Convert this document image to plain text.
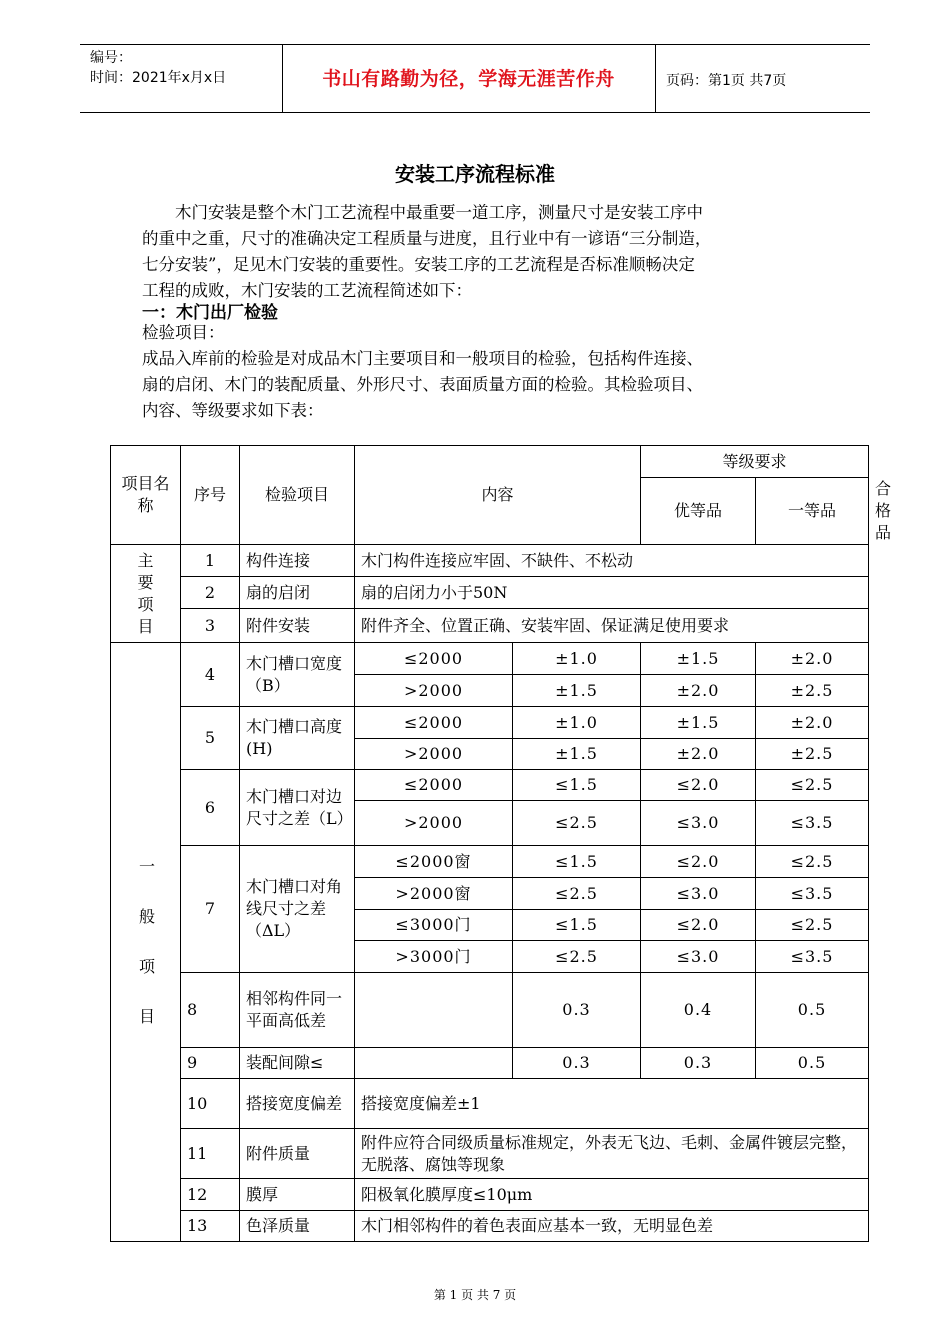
编号：
时间：2021年x月x日	书山有路勤为径，学海无涯苦作舟	页码：第1页 共7页
安装工序流程标准
　　木门安装是整个木门工艺流程中最重要一道工序，测量尺寸是安装工序中
的重中之重，尺寸的准确决定工程质量与进度，且行业中有一谚语“三分制造，
七分安装”，足见木门安装的重要性。安装工序的工艺流程是否标准顺畅决定
工程的成败，木门安装的工艺流程简述如下：
一：木门出厂检验
检验项目：
成品入库前的检验是对成品木门主要项目和一般项目的检验，包括构件连接、
扇的启闭、木门的装配质量、外形尺寸、表面质量方面的检验。其检验项目、
内容、等级要求如下表：
项目名称	序号	检验项目	内容		等级要求		
					优等品	一等品	合格品
主要项目	1	构件连接	木门构件连接应牢固、不缺件、不松动				
	2	扇的启闭	扇的启闭力小于50N				
	3	附件安装	附件齐全、位置正确、安装牢固、保证满足使用要求				
一般项目	4	木门槽口宽度（B）	≤2000	±1.0	±1.5	±2.0	
			>2000	±1.5	±2.0	±2.5	
	5	木门槽口高度(H)	≤2000	±1.0	±1.5	±2.0	
			>2000	±1.5	±2.0	±2.5	
	6	木门槽口对边尺寸之差（L）	≤2000	≤1.5	≤2.0	≤2.5	
			>2000	≤2.5	≤3.0	≤3.5	
	7	木门槽口对角线尺寸之差（ΔL）	≤2000窗	≤1.5	≤2.0	≤2.5	
			>2000窗	≤2.5	≤3.0	≤3.5	
			≤3000门	≤1.5	≤2.0	≤2.5	
			>3000门	≤2.5	≤3.0	≤3.5	
	8	相邻构件同一平面高低差		0.3	0.4	0.5	
	9	装配间隙≤		0.3	0.3	0.5	
	10	搭接宽度偏差	搭接宽度偏差±1				
	11	附件质量	附件应符合同级质量标准规定，外表无飞边、毛刺、金属件镀层完整，无脱落、腐蚀等现象				
	12	膜厚	阳极氧化膜厚度≤10μm				
	13	色泽质量	木门相邻构件的着色表面应基本一致，无明显色差				
第 1 页 共 7 页
